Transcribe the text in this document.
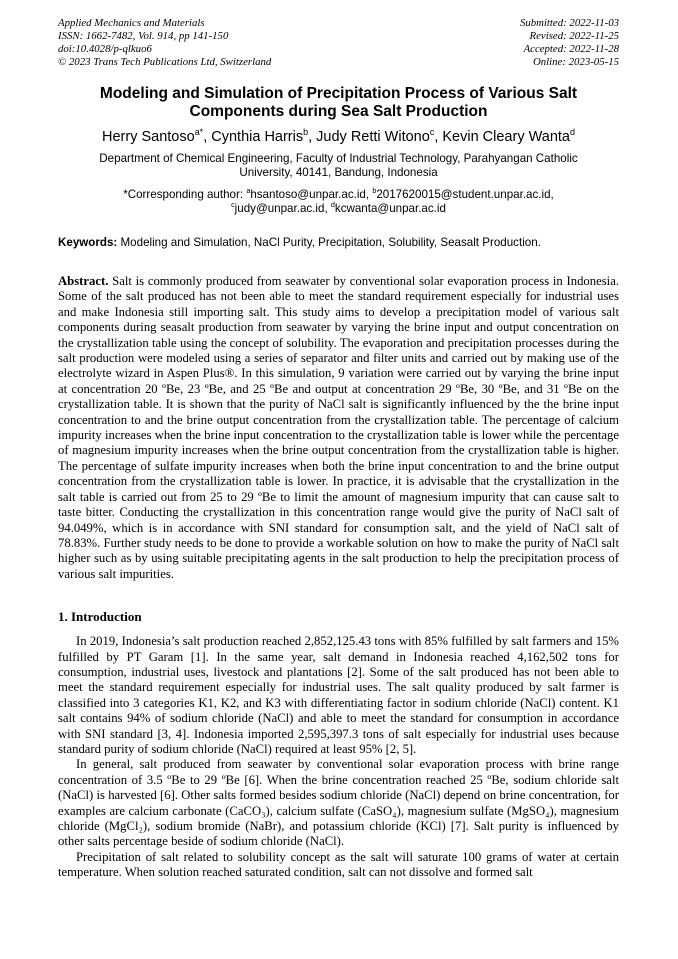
Applied Mechanics and Materials
ISSN: 1662-7482, Vol. 914, pp 141-150
doi:10.4028/p-qlkuo6
© 2023 Trans Tech Publications Ltd, Switzerland
Submitted: 2022-11-03
Revised: 2022-11-25
Accepted: 2022-11-28
Online: 2023-05-15
Modeling and Simulation of Precipitation Process of Various Salt Components during Sea Salt Production
Herry Santoso$^{a*}$, Cynthia Harris$^b$, Judy Retti Witono$^c$, Kevin Cleary Wanta$^d$
Department of Chemical Engineering, Faculty of Industrial Technology, Parahyangan Catholic University, 40141, Bandung, Indonesia
*Corresponding author: $^a$hsantoso@unpar.ac.id, $^b$2017620015@student.unpar.ac.id,
$^c$judy@unpar.ac.id, $^d$kcwanta@unpar.ac.id

Keywords: Modeling and Simulation, NaCl Purity, Precipitation, Solubility, Seasalt Production.

Abstract. Salt is commonly produced from seawater by conventional solar evaporation process in Indonesia. Some of the salt produced has not been able to meet the standard requirement especially for industrial uses and make Indonesia still importing salt. This study aims to develop a precipitation model of various salt components during seasalt production from seawater by varying the brine input and output concentration on the crystallization table using the concept of solubility. The evaporation and precipitation processes during the salt production were modeled using a series of separator and filter units and carried out by making use of the electrolyte wizard in Aspen Plus®. In this simulation, 9 variation were carried out by varying the brine input at concentration 20 ºBe, 23 ºBe, and 25 ºBe and output at concentration 29 ºBe, 30 ºBe, and 31 ºBe on the crystallization table. It is shown that the purity of NaCl salt is significantly influenced by the the brine input concentration to and the brine output concentration from the crystallization table. The percentage of calcium impurity increases when the brine input concentration to the crystallization table is lower while the percentage of magnesium impurity increases when the brine output concentration from the crystallization table is higher. The percentage of sulfate impurity increases when both the brine input concentration to and the brine output concentration from the crystallization table is lower. In practice, it is advisable that the crystallization in the salt table is carried out from 25 to 29 ºBe to limit the amount of magnesium impurity that can cause salt to taste bitter. Conducting the crystallization in this concentration range would give the purity of NaCl salt of 94.049%, which is in accordance with SNI standard for consumption salt, and the yield of NaCl salt of 78.83%. Further study needs to be done to provide a workable solution on how to make the purity of NaCl salt higher such as by using suitable precipitating agents in the salt production to help the precipitation process of various salt impurities.

1. Introduction

In 2019, Indonesia’s salt production reached 2,852,125.43 tons with 85% fulfilled by salt farmers and 15% fulfilled by PT Garam [1]. In the same year, salt demand in Indonesia reached 4,162,502 tons for consumption, industrial uses, livestock and plantations [2]. Some of the salt produced has not been able to meet the standard requirement especially for industrial uses. The salt quality produced by salt farmer is classified into 3 categories K1, K2, and K3 with differentiating factor in sodium chloride (NaCl) content. K1 salt contains 94% of sodium chloride (NaCl) and able to meet the standard for consumption in accordance with SNI standard [3, 4]. Indonesia imported 2,595,397.3 tons of salt especially for industrial uses because standard purity of sodium chloride (NaCl) required at least 95% [2, 5].

In general, salt produced from seawater by conventional solar evaporation process with brine range concentration of 3.5 ºBe to 29 ºBe [6]. When the brine concentration reached 25 ºBe, sodium chloride salt (NaCl) is harvested [6]. Other salts formed besides sodium chloride (NaCl) depend on brine concentration, for examples are calcium carbonate (CaCO₃), calcium sulfate (CaSO₄), magnesium sulfate (MgSO₄), magnesium chloride (MgCl₂), sodium bromide (NaBr), and potassium chloride (KCl) [7]. Salt purity is influenced by other salts percentage beside of sodium chloride (NaCl).

Precipitation of salt related to solubility concept as the salt will saturate 100 grams of water at certain temperature. When solution reached saturated condition, salt can not dissolve and formed salt
